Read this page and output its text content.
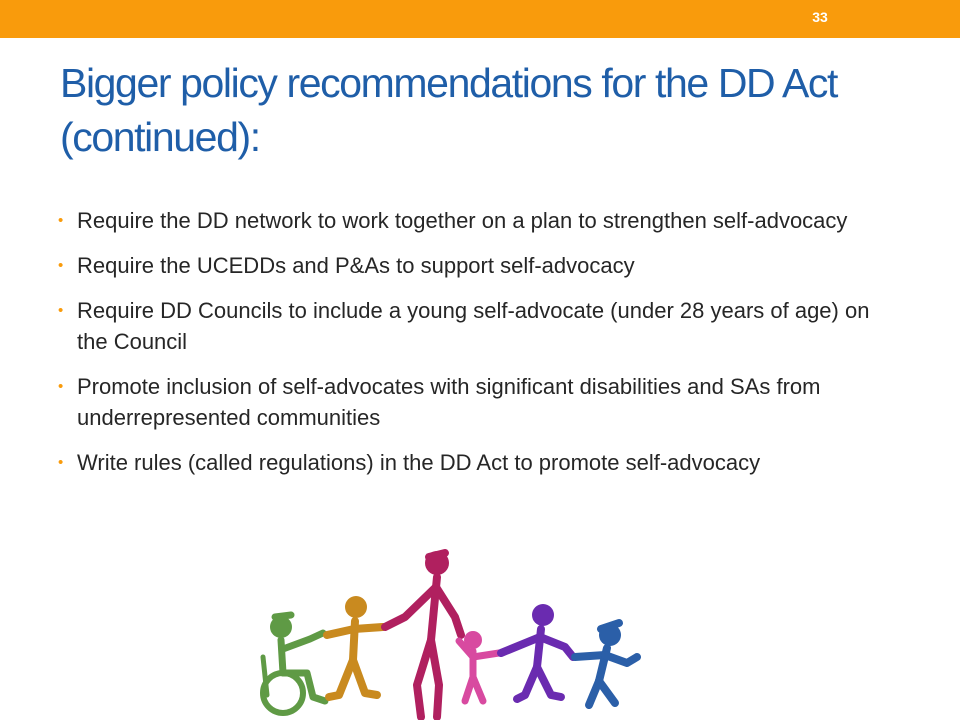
33
Bigger policy recommendations for the DD Act (continued):
• Require the DD network to work together on a plan to strengthen self-advocacy
• Require the UCEDDs and P&As to support self-advocacy
• Require DD Councils to include a young self-advocate (under 28 years of age) on the Council
• Promote inclusion of self-advocates with significant disabilities and SAs from underrepresented communities
• Write rules (called regulations) in the DD Act to promote self-advocacy
